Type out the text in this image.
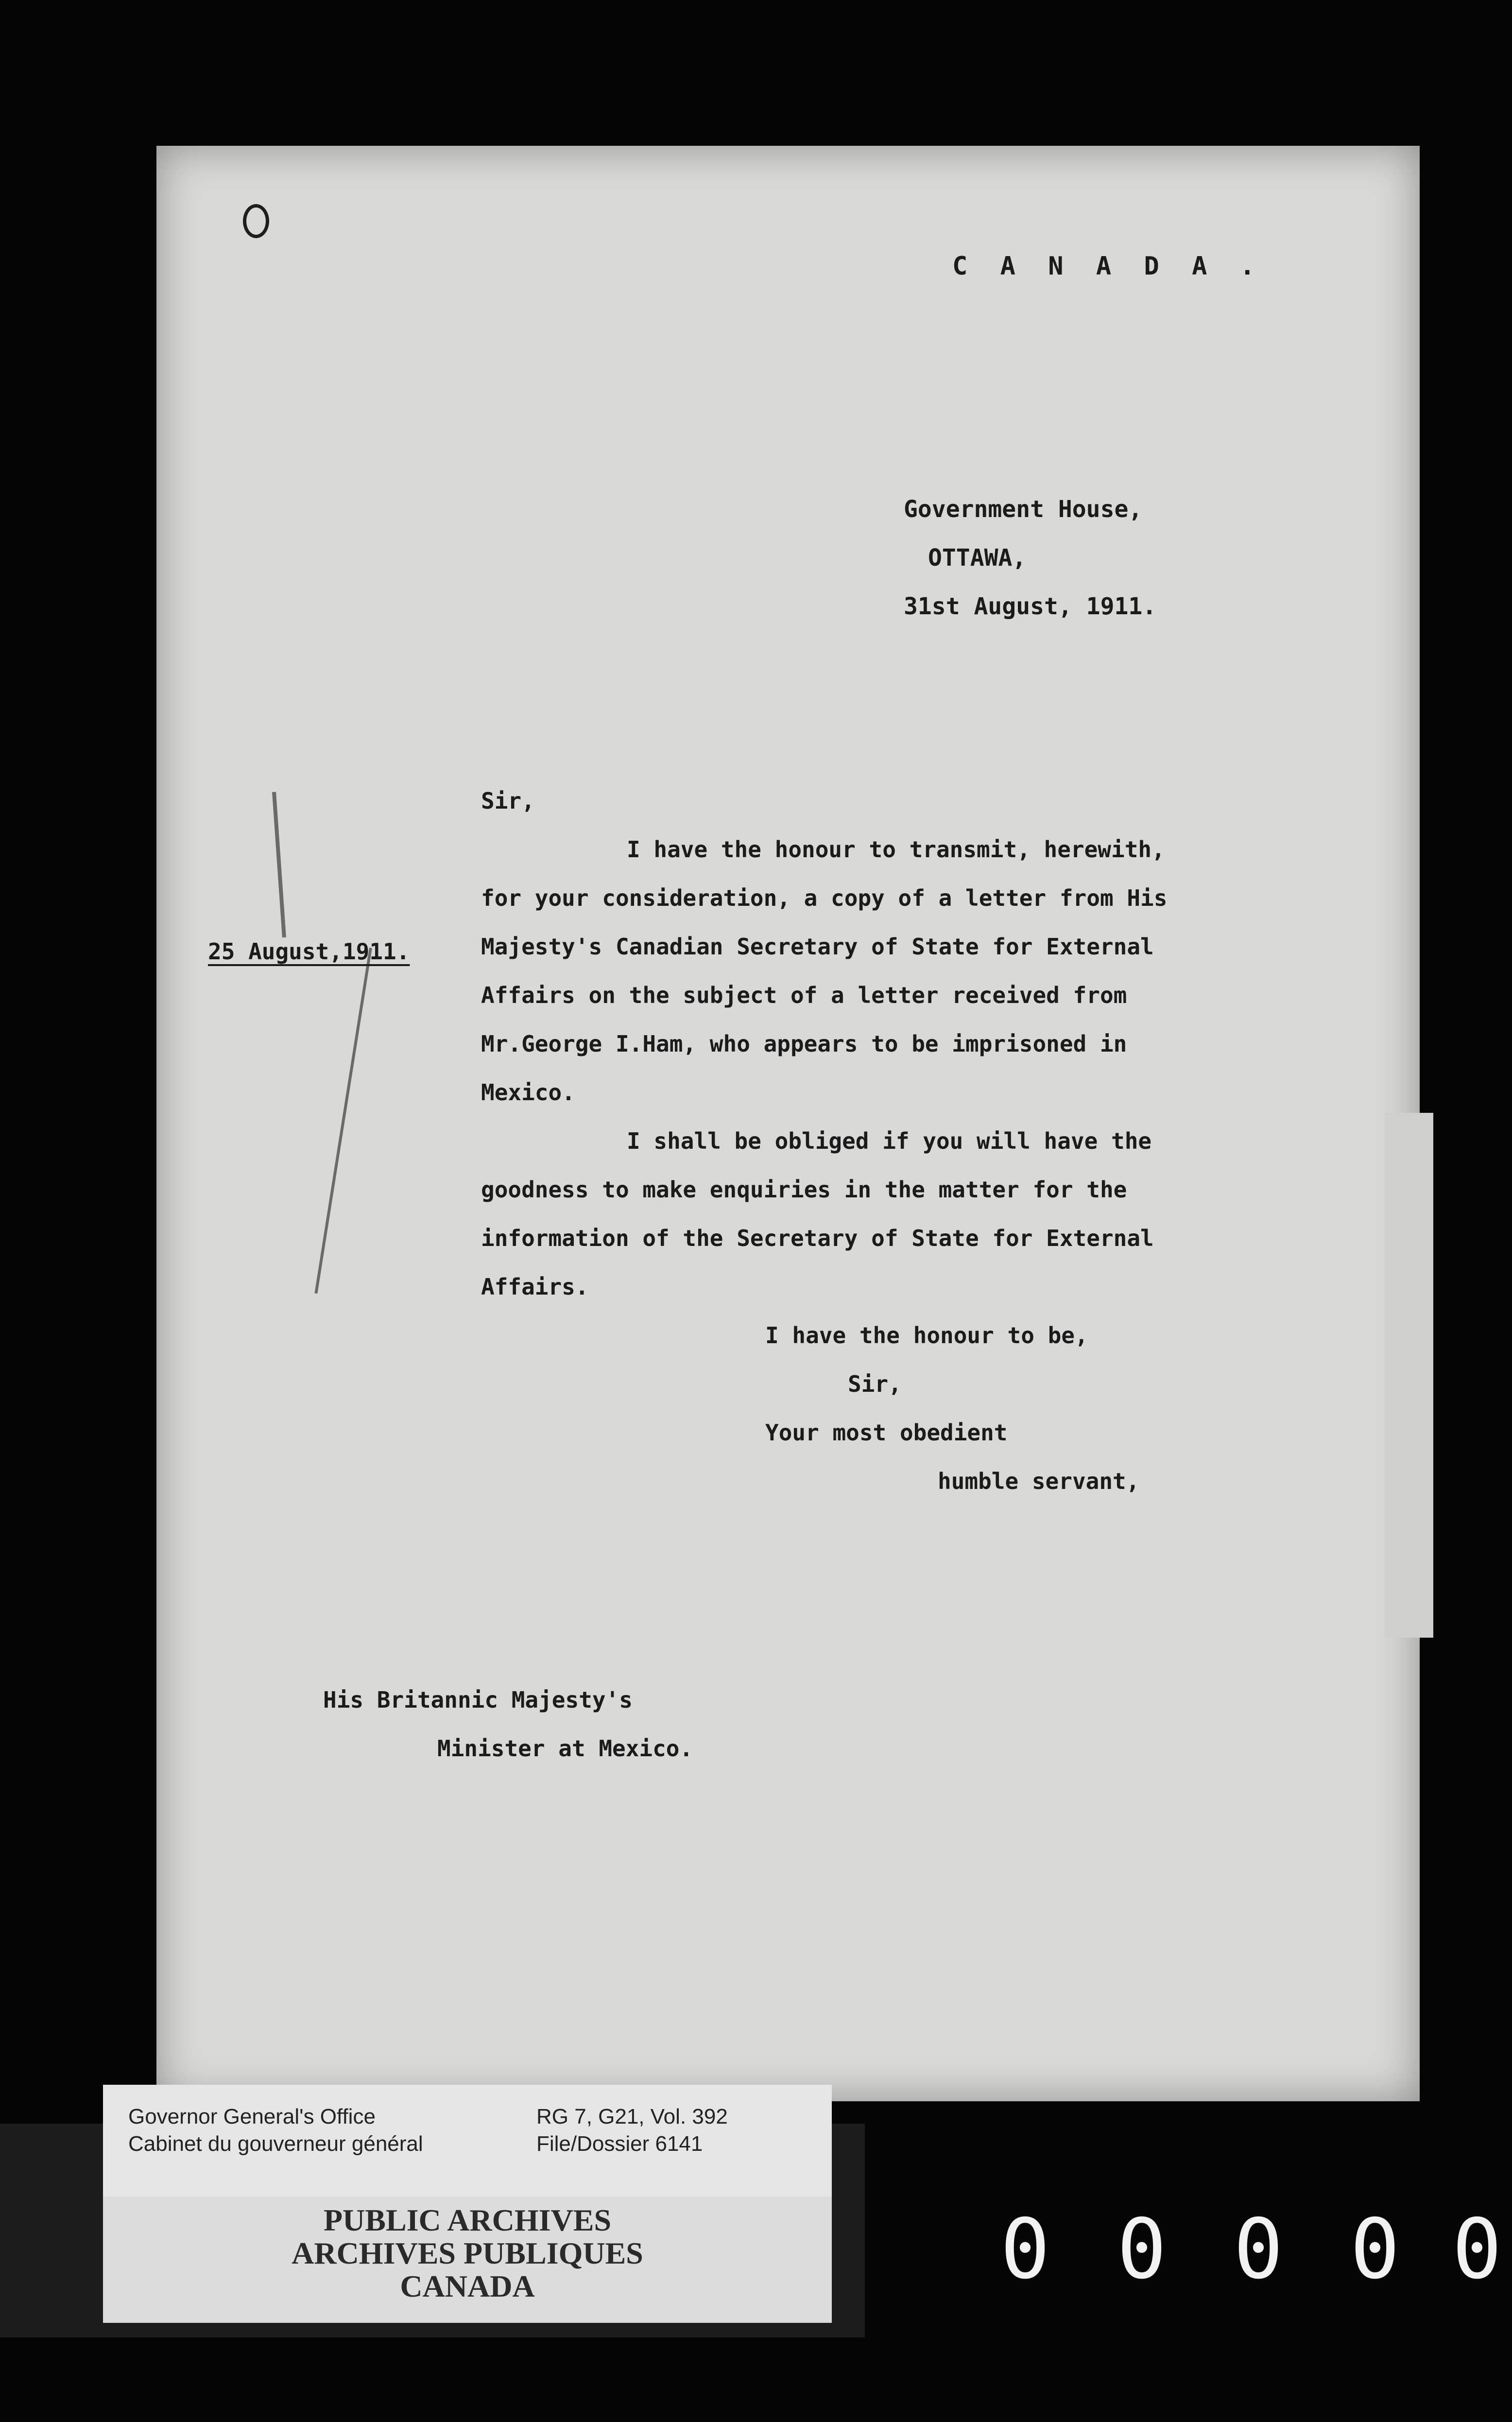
C A N A D A .
Government House,
OTTAWA,
31st August, 1911.
Sir,
25 August,1911.
I have the honour to transmit, herewith,
for your consideration, a copy of a letter from His
Majesty's Canadian Secretary of State for External
Affairs on the subject of a letter received from
Mr.George I.Ham, who appears to be imprisoned in
Mexico.
I shall be obliged if you will have the
goodness to make enquiries in the matter for the
information of the Secretary of State for External
Affairs.
I have the honour to be,
Sir,
Your most obedient
humble servant,
His Britannic Majesty's
Minister at Mexico.
Governor General's Office
Cabinet du gouverneur général
RG 7, G21, Vol. 392
File/Dossier 6141
PUBLIC ARCHIVES
ARCHIVES PUBLIQUES
CANADA	0 0 0 0 0
